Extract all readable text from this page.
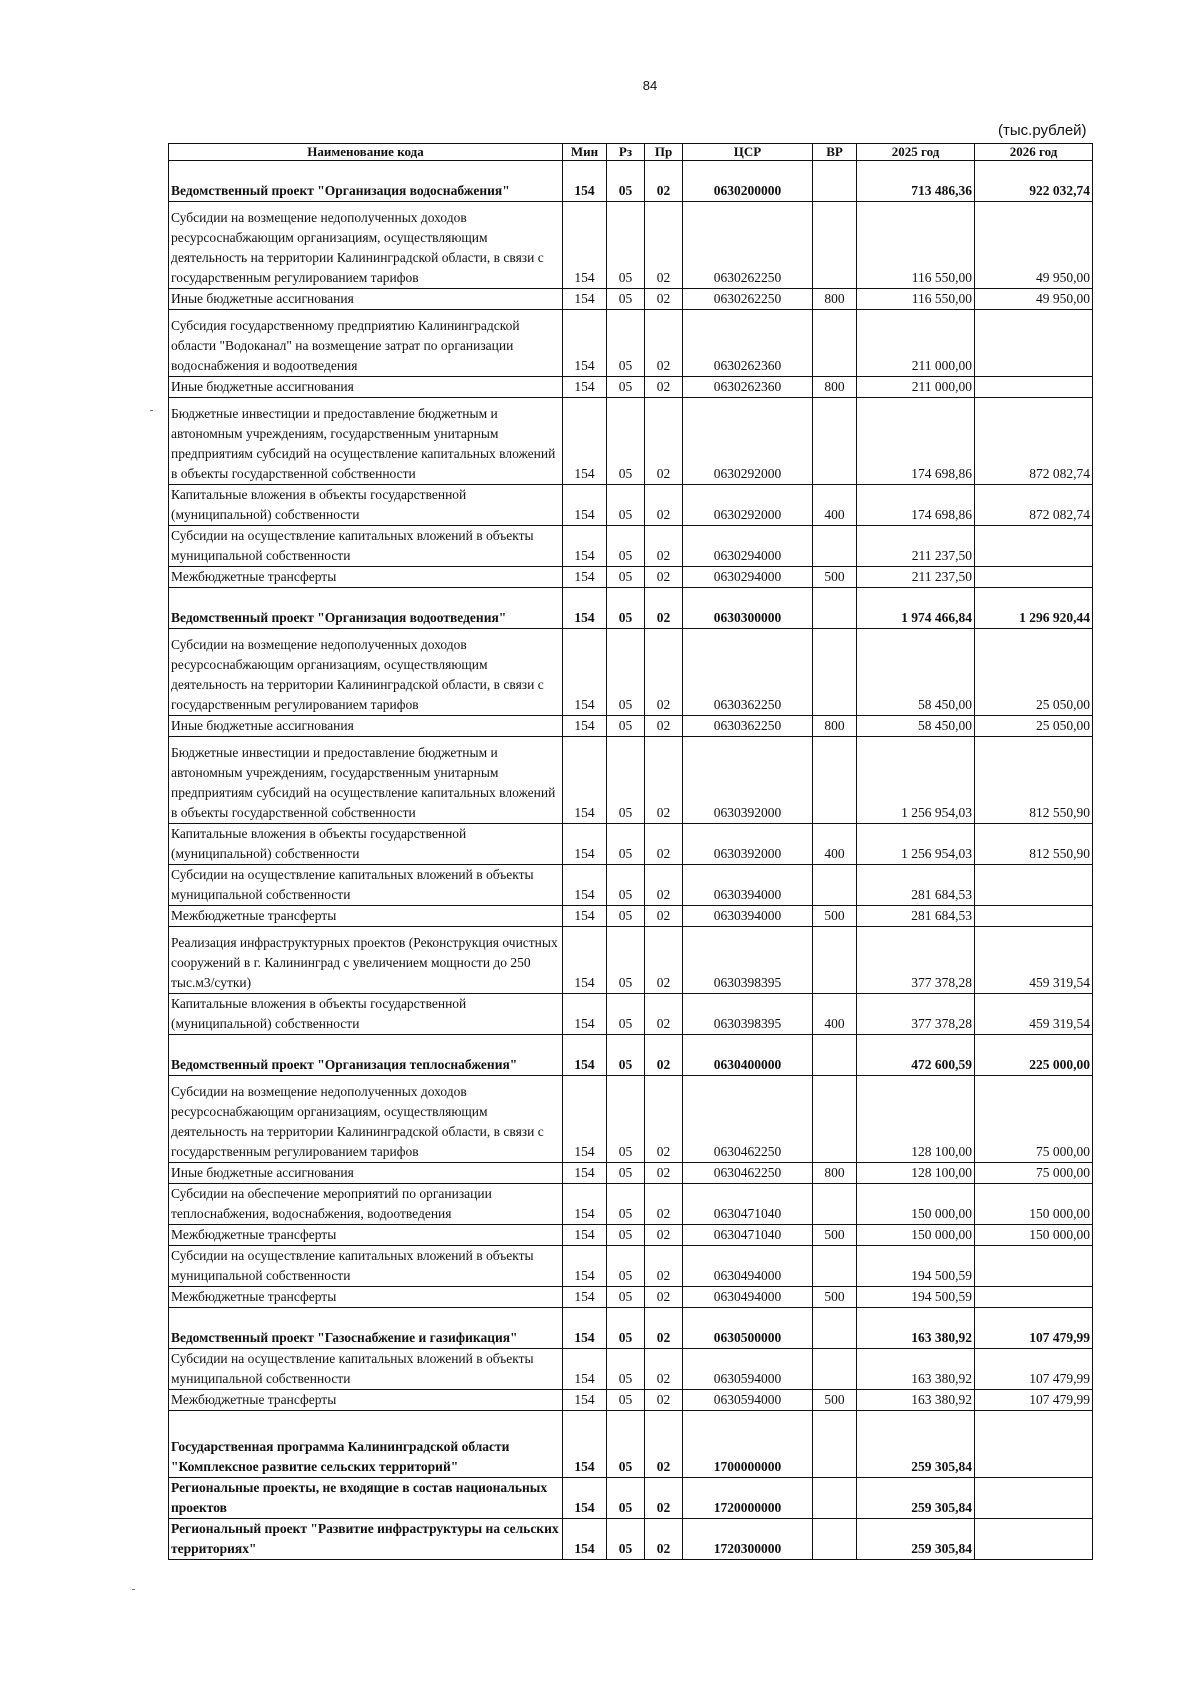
84
(тыс.рублей)
Наименование кода	Мин	Рз	Пр	ЦСР	ВР	2025 год	2026 год
Ведомственный проект "Организация водоснабжения"	154	05	02	0630200000		713 486,36	922 032,74
Субсидии на возмещение недополученных доходов ресурсоснабжающим организациям, осуществляющим деятельность на территории Калининградской области, в связи с государственным регулированием тарифов	154	05	02	0630262250		116 550,00	49 950,00
Иные бюджетные ассигнования	154	05	02	0630262250	800	116 550,00	49 950,00
Субсидия государственному предприятию Калининградской области "Водоканал" на возмещение затрат по организации водоснабжения и водоотведения	154	05	02	0630262360		211 000,00	
Иные бюджетные ассигнования	154	05	02	0630262360	800	211 000,00	
Бюджетные инвестиции и предоставление бюджетным и автономным учреждениям, государственным унитарным предприятиям субсидий на осуществление капитальных вложений в объекты государственной собственности	154	05	02	0630292000		174 698,86	872 082,74
Капитальные вложения в объекты государственной (муниципальной) собственности	154	05	02	0630292000	400	174 698,86	872 082,74
Субсидии на осуществление капитальных вложений в объекты муниципальной собственности	154	05	02	0630294000		211 237,50	
Межбюджетные трансферты	154	05	02	0630294000	500	211 237,50	
Ведомственный проект "Организация водоотведения"	154	05	02	0630300000		1 974 466,84	1 296 920,44
Субсидии на возмещение недополученных доходов ресурсоснабжающим организациям, осуществляющим деятельность на территории Калининградской области, в связи с государственным регулированием тарифов	154	05	02	0630362250		58 450,00	25 050,00
Иные бюджетные ассигнования	154	05	02	0630362250	800	58 450,00	25 050,00
Бюджетные инвестиции и предоставление бюджетным и автономным учреждениям, государственным унитарным предприятиям субсидий на осуществление капитальных вложений в объекты государственной собственности	154	05	02	0630392000		1 256 954,03	812 550,90
Капитальные вложения в объекты государственной (муниципальной) собственности	154	05	02	0630392000	400	1 256 954,03	812 550,90
Субсидии на осуществление капитальных вложений в объекты муниципальной собственности	154	05	02	0630394000		281 684,53	
Межбюджетные трансферты	154	05	02	0630394000	500	281 684,53	
Реализация инфраструктурных проектов (Реконструкция очистных сооружений в г. Калининград с увеличением мощности до 250 тыс.м3/сутки)	154	05	02	0630398395		377 378,28	459 319,54
Капитальные вложения в объекты государственной (муниципальной) собственности	154	05	02	0630398395	400	377 378,28	459 319,54
Ведомственный проект "Организация теплоснабжения"	154	05	02	0630400000		472 600,59	225 000,00
Субсидии на возмещение недополученных доходов ресурсоснабжающим организациям, осуществляющим деятельность на территории Калининградской области, в связи с государственным регулированием тарифов	154	05	02	0630462250		128 100,00	75 000,00
Иные бюджетные ассигнования	154	05	02	0630462250	800	128 100,00	75 000,00
Субсидии на обеспечение мероприятий по организации теплоснабжения, водоснабжения, водоотведения	154	05	02	0630471040		150 000,00	150 000,00
Межбюджетные трансферты	154	05	02	0630471040	500	150 000,00	150 000,00
Субсидии на осуществление капитальных вложений в объекты муниципальной собственности	154	05	02	0630494000		194 500,59	
Межбюджетные трансферты	154	05	02	0630494000	500	194 500,59	
Ведомственный проект "Газоснабжение и газификация"	154	05	02	0630500000		163 380,92	107 479,99
Субсидии на осуществление капитальных вложений в объекты муниципальной собственности	154	05	02	0630594000		163 380,92	107 479,99
Межбюджетные трансферты	154	05	02	0630594000	500	163 380,92	107 479,99
Государственная программа Калининградской области "Комплексное развитие сельских территорий"	154	05	02	1700000000		259 305,84	
Региональные проекты, не входящие в состав национальных проектов	154	05	02	1720000000		259 305,84	
Региональный проект "Развитие инфраструктуры на сельских территориях"	154	05	02	1720300000		259 305,84	
